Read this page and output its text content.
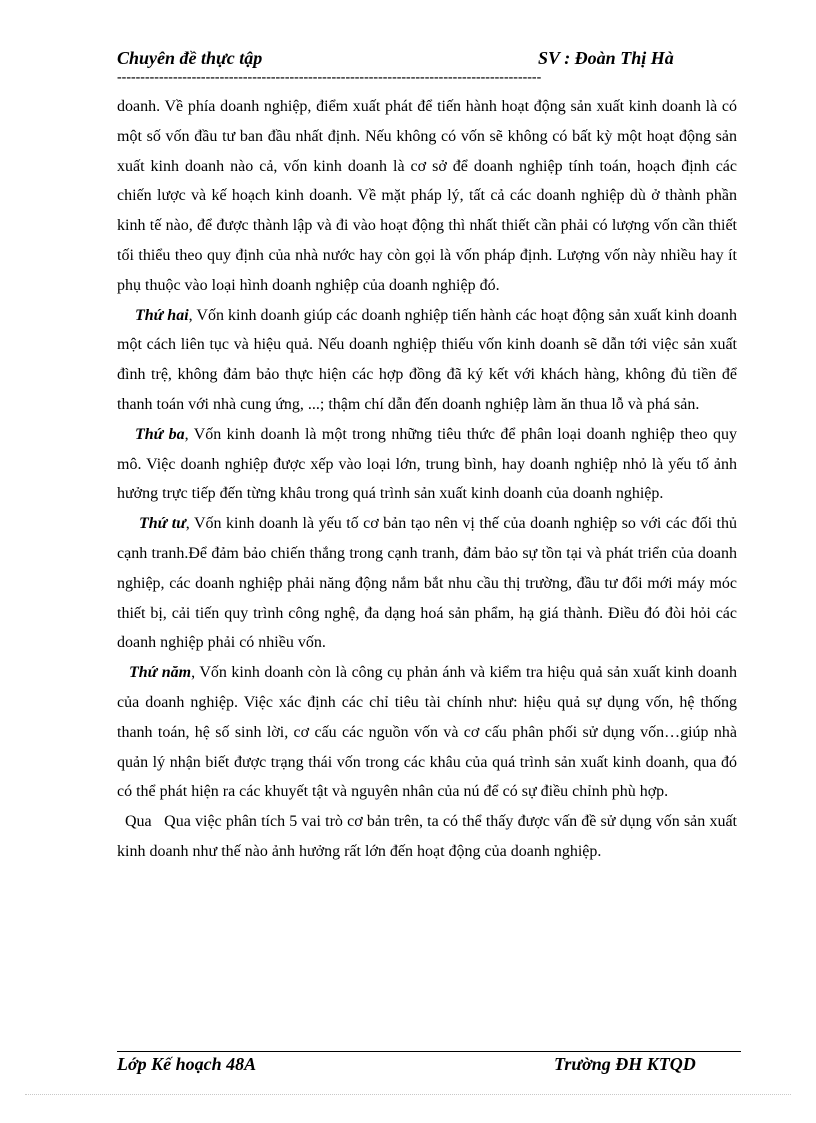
Chuyên đề thực tập	SV : Đoàn Thị Hà
-------------------------------------------------------------------------------------------

doanh. Về phía doanh nghiệp, điểm xuất phát để tiến hành hoạt động sản xuất kinh doanh là có một số vốn đầu tư ban đầu nhất định. Nếu không có vốn sẽ không có bất kỳ một hoạt động sản xuất kinh doanh nào cả, vốn kinh doanh là cơ sở để doanh nghiệp tính toán, hoạch định các chiến lược và kế hoạch kinh doanh. Về mặt pháp lý, tất cả các doanh nghiệp dù ở thành phần kinh tế nào, để được thành lập và đi vào hoạt động thì nhất thiết cần phải có lượng vốn cần thiết tối thiểu theo quy định của nhà nước hay còn gọi là vốn pháp định. Lượng vốn này nhiều hay ít phụ thuộc vào loại hình doanh nghiệp của doanh nghiệp đó.

Thứ hai, Vốn kinh doanh giúp các doanh nghiệp tiến hành các hoạt động sản xuất kinh doanh một cách liên tục và hiệu quả. Nếu doanh nghiệp thiếu vốn kinh doanh sẽ dẫn tới việc sản xuất đình trệ, không đảm bảo thực hiện các hợp đồng đã ký kết với khách hàng, không đủ tiền để thanh toán với nhà cung ứng, ...; thậm chí dẫn đến doanh nghiệp làm ăn thua lỗ và phá sản.

Thứ ba, Vốn kinh doanh là một trong những tiêu thức để phân loại doanh nghiệp theo quy mô. Việc doanh nghiệp được xếp vào loại lớn, trung bình, hay doanh nghiệp nhỏ là yếu tố ảnh hưởng trực tiếp đến từng khâu trong quá trình sản xuất kinh doanh của doanh nghiệp.

Thứ tư, Vốn kinh doanh là yếu tố cơ bản tạo nên vị thế của doanh nghiệp so với các đối thủ cạnh tranh.Để đảm bảo chiến thắng trong cạnh tranh, đảm bảo sự tồn tại và phát triển của doanh nghiệp, các doanh nghiệp phải năng động nắm bắt nhu cầu thị trường, đầu tư đổi mới máy móc thiết bị, cải tiến quy trình công nghệ, đa dạng hoá sản phẩm, hạ giá thành. Điều đó đòi hỏi các doanh nghiệp phải có nhiều vốn.

Thứ năm, Vốn kinh doanh còn là công cụ phản ánh và kiểm tra hiệu quả sản xuất kinh doanh của doanh nghiệp. Việc xác định các chỉ tiêu tài chính như: hiệu quả sự dụng vốn, hệ thống thanh toán, hệ số sinh lời, cơ cấu các nguồn vốn và cơ cấu phân phối sử dụng vốn…giúp nhà quản lý nhận biết được trạng thái vốn trong các khâu của quá trình sản xuất kinh doanh, qua đó có thể phát hiện ra các khuyết tật và nguyên nhân của nú để có sự điều chỉnh phù hợp.

Qua   Qua việc phân tích 5 vai trò cơ bản trên, ta có thể thấy được vấn đề sử dụng vốn sản xuất kinh doanh như thế nào ảnh hưởng rất lớn đến hoạt động của doanh nghiệp.

Lớp Kế hoạch 48A	Trường ĐH KTQD
